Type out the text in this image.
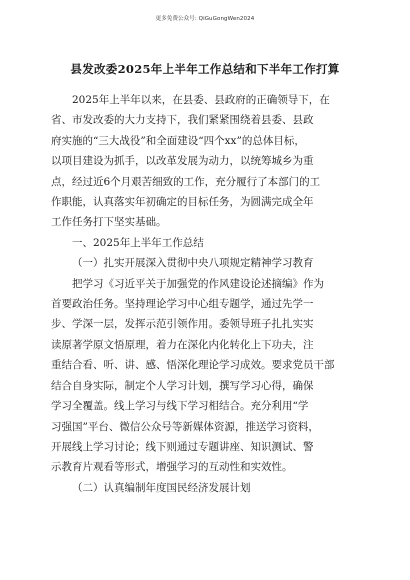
更多免费公众号: QiGuGongWen2024
县发改委2025年上半年工作总结和下半年工作打算
2025年上半年以来，在县委、县政府的正确领导下，在
省、市发改委的大力支持下，我们紧紧围绕着县委、县政
府实施的“三大战役”和全面建设“四个xx”的总体目标，
以项目建设为抓手，以改革发展为动力，以统筹城乡为重
点，经过近6个月艰苦细致的工作，充分履行了本部门的工
作职能，认真落实年初确定的目标任务，为圆满完成全年
工作任务打下坚实基础。
一、2025年上半年工作总结
（一）扎实开展深入贯彻中央八项规定精神学习教育
把学习《习近平关于加强党的作风建设论述摘编》作为
首要政治任务。坚持理论学习中心组专题学，通过先学一
步、学深一层，发挥示范引领作用。委领导班子扎扎实实
读原著学原文悟原理，着力在深化内化转化上下功夫，注
重结合看、听、讲、感、悟深化理论学习成效。要求党员干部
结合自身实际，制定个人学习计划，撰写学习心得，确保
学习全覆盖。线上学习与线下学习相结合。充分利用“学
习强国”平台、微信公众号等新媒体资源，推送学习资料，
开展线上学习讨论；线下则通过专题讲座、知识测试、警
示教育片观看等形式，增强学习的互动性和实效性。
（二）认真编制年度国民经济发展计划
